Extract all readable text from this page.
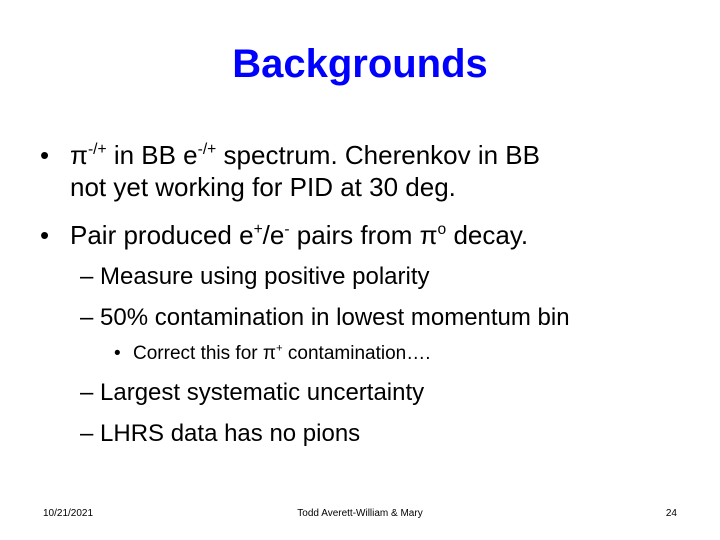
Backgrounds
• π-/+ in BB e-/+ spectrum. Cherenkov in BB
not yet working for PID at 30 deg.
• Pair produced e+/e- pairs from $\pi^o$ decay.
– Measure using positive polarity
– 50% contamination in lowest momentum bin
• Correct this for π+ contamination….
– Largest systematic uncertainty
– LHRS data has no pions
10/21/2021	Todd Averett-William & Mary	24
